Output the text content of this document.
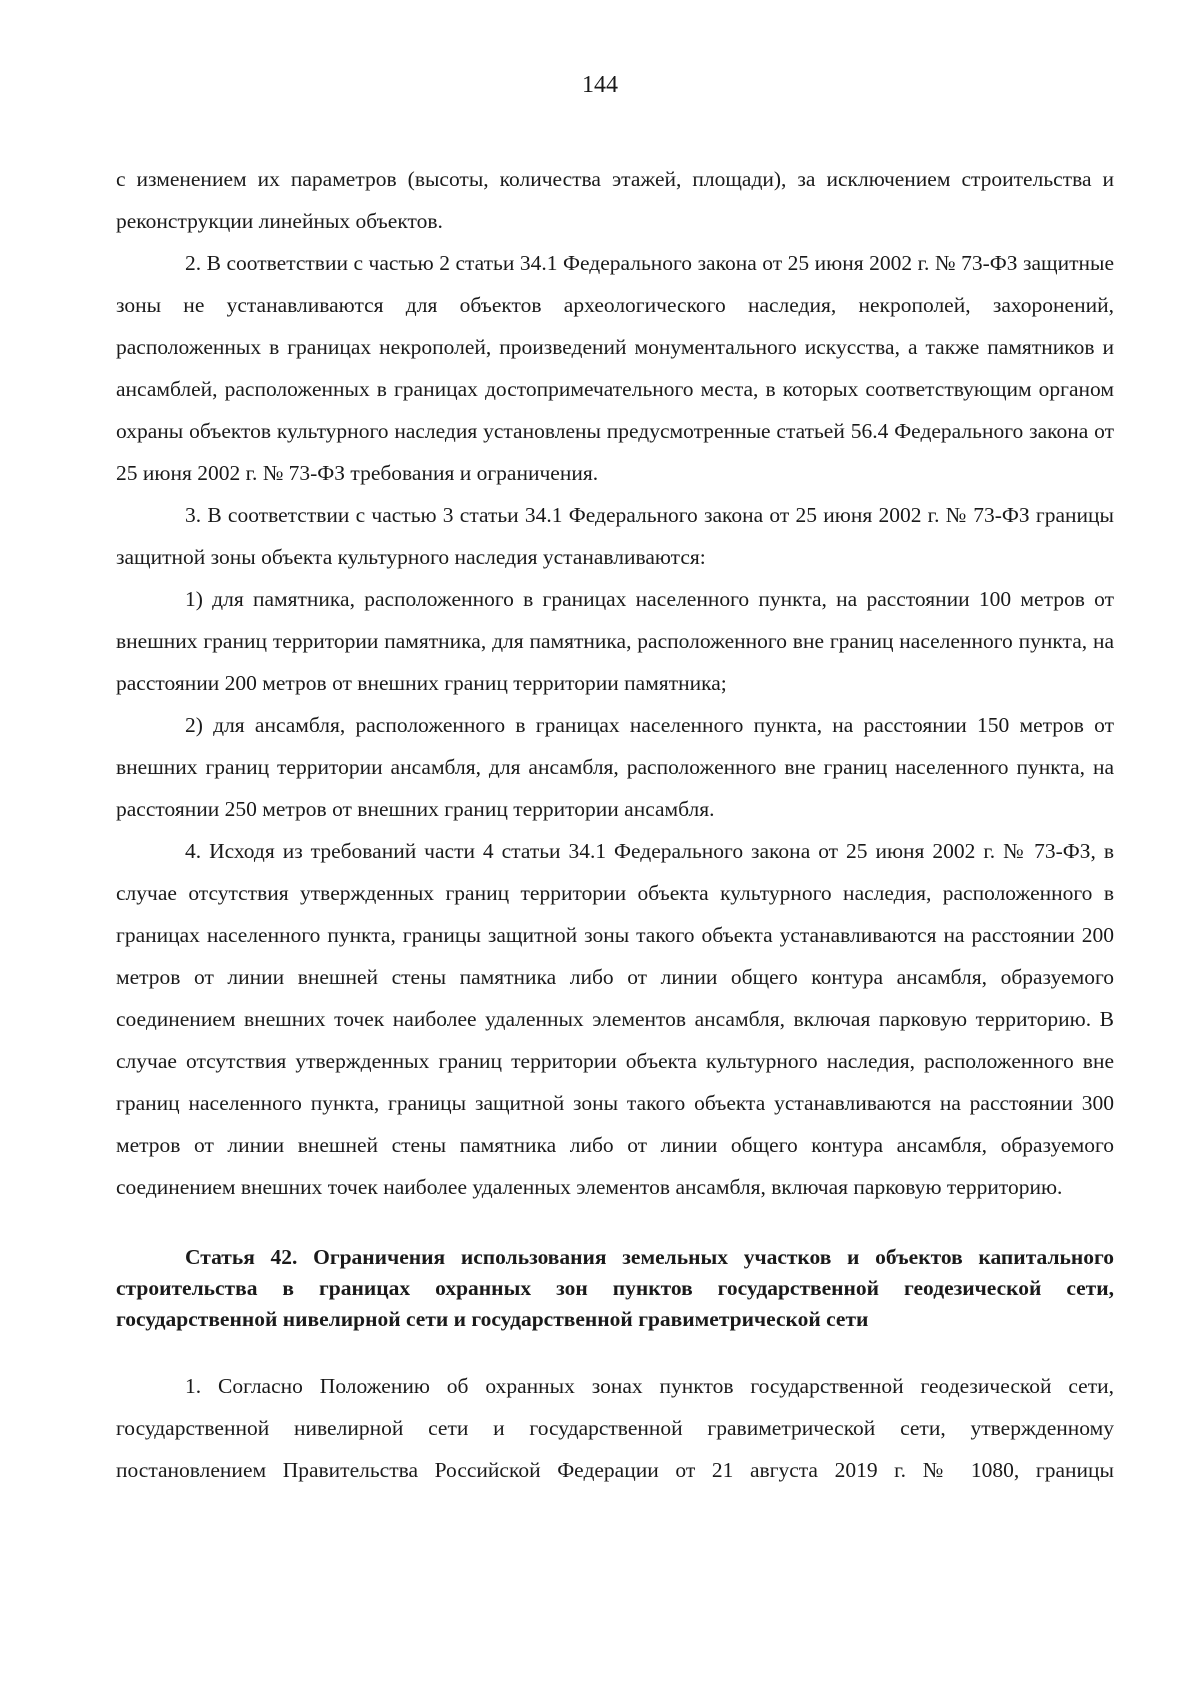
144

с изменением их параметров (высоты, количества этажей, площади), за исключением строительства и реконструкции линейных объектов.

2. В соответствии с частью 2 статьи 34.1 Федерального закона от 25 июня 2002 г. № 73-ФЗ защитные зоны не устанавливаются для объектов археологического наследия, некрополей, захоронений, расположенных в границах некрополей, произведений монументального искусства, а также памятников и ансамблей, расположенных в границах достопримечательного места, в которых соответствующим органом охраны объектов культурного наследия установлены предусмотренные статьей 56.4 Федерального закона от 25 июня 2002 г. № 73-ФЗ требования и ограничения.

3. В соответствии с частью 3 статьи 34.1 Федерального закона от 25 июня 2002 г. № 73-ФЗ границы защитной зоны объекта культурного наследия устанавливаются:

1) для памятника, расположенного в границах населенного пункта, на расстоянии 100 метров от внешних границ территории памятника, для памятника, расположенного вне границ населенного пункта, на расстоянии 200 метров от внешних границ территории памятника;

2) для ансамбля, расположенного в границах населенного пункта, на расстоянии 150 метров от внешних границ территории ансамбля, для ансамбля, расположенного вне границ населенного пункта, на расстоянии 250 метров от внешних границ территории ансамбля.

4. Исходя из требований части 4 статьи 34.1 Федерального закона от 25 июня 2002 г. № 73-ФЗ, в случае отсутствия утвержденных границ территории объекта культурного наследия, расположенного в границах населенного пункта, границы защитной зоны такого объекта устанавливаются на расстоянии 200 метров от линии внешней стены памятника либо от линии общего контура ансамбля, образуемого соединением внешних точек наиболее удаленных элементов ансамбля, включая парковую территорию. В случае отсутствия утвержденных границ территории объекта культурного наследия, расположенного вне границ населенного пункта, границы защитной зоны такого объекта устанавливаются на расстоянии 300 метров от линии внешней стены памятника либо от линии общего контура ансамбля, образуемого соединением внешних точек наиболее удаленных элементов ансамбля, включая парковую территорию.

Статья 42. Ограничения использования земельных участков и объектов капитального строительства в границах охранных зон пунктов государственной геодезической сети, государственной нивелирной сети и государственной гравиметрической сети

1. Согласно Положению об охранных зонах пунктов государственной геодезической сети, государственной нивелирной сети и государственной гравиметрической сети, утвержденному постановлением Правительства Российской Федерации от 21 августа 2019 г. № 1080, границы
